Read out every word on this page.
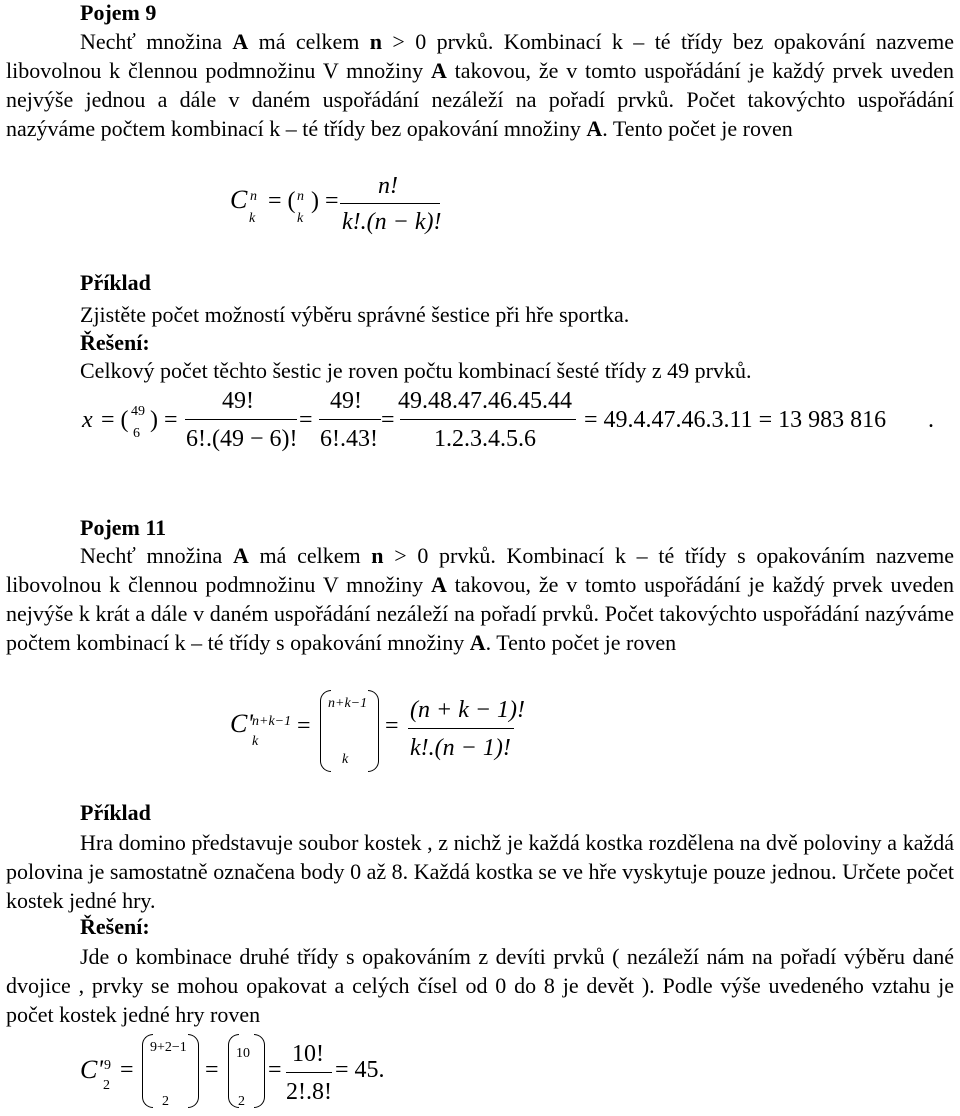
Pojem 9

Nechť množina A má celkem n > 0 prvků. Kombinací k – té třídy bez opakování nazveme libovolnou k člennou podmnožinu V množiny A takovou, že v tomto uspořádání je každý prvek uveden nejvýše jednou a dále v daném uspořádání nezáleží na pořadí prvků. Počet takovýchto uspořádání nazýváme počtem kombinací k – té třídy bez opakování množiny A. Tento počet je roven

C n
k
= ( n
k
) =
n!
k!.(n − k)!
Příklad

Zjistěte počet možností výběru správné šestice při hře sportka.

Řešení:

Celkový počet těchto šestic je roven počtu kombinací šesté třídy z 49 prvků.

x = ( 49
6
) =
49!
6!.(49 − 6)!
=
49!
6!.43!
=
49.48.47.46.45.44
1.2.3.4.5.6
= 49.4.47.46.3.11 = 13 983 816 .
Pojem 11

Nechť množina A má celkem n > 0 prvků. Kombinací k – té třídy s opakováním nazveme libovolnou k člennou podmnožinu V množiny A takovou, že v tomto uspořádání je každý prvek uveden nejvýše k krát a dále v daném uspořádání nezáleží na pořadí prvků. Počet takovýchto uspořádání nazýváme počtem kombinací k – té třídy s opakování množiny A. Tento počet je roven

C' n+k−1
k
=
n+k−1
k
=
(n + k − 1)!
k!.(n − 1)!
Příklad

Hra domino představuje soubor kostek , z nichž je každá kostka rozdělena na dvě poloviny a každá polovina je samostatně označena body 0 až 8. Každá kostka se ve hře vyskytuje pouze jednou. Určete počet kostek jedné hry.

Řešení:

Jde o kombinace druhé třídy s opakováním z devíti prvků ( nezáleží nám na pořadí výběru dané dvojice , prvky se mohou opakovat a celých čísel od 0 do 8 je devět ). Podle výše uvedeného vztahu je počet kostek jedné hry roven

C' 9
2
=
9+2−1
2
=
10
2
=
10!
2!.8!
= 45.
